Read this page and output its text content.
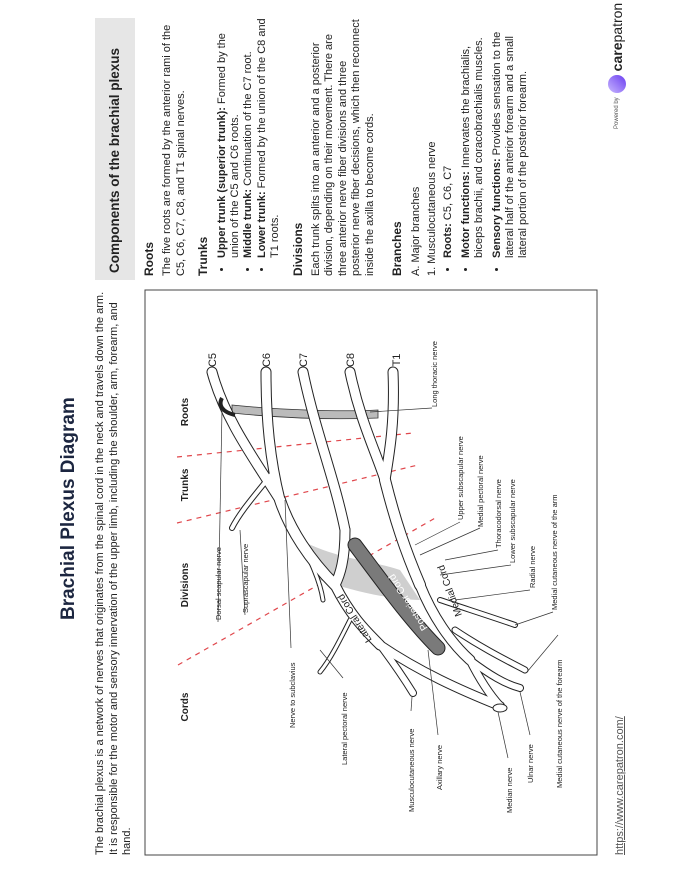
Brachial Plexus Diagram The brachial plexus is a network of nerves that originates from the spinal cord in the neck and travels down the arm. It is responsible for the motor and sensory innervation of the upper limb, including the shoulder, arm, forearm, and hand.	https://www.carepatron.com/
Components of the brachial plexus	Roots The five roots are formed by the anterior rami of the C5, C6, C7, C8, and T1 spinal nerves. Trunks • Upper trunk (superior trunk): Formed by the union of the C5 and C6 roots. • Middle trunk: Continuation of the C7 root.
• Lower trunk: Formed by the union of the C8 and T1 roots. Divisions Each trunk splits into an anterior and a posterior division, depending on their movement. There are three anterior nerve fiber divisions and three posterior nerve fiber decisions, which then reconnect inside the axilla to become cords. Branches A. Major branches 1. Musculocutaneous nerve • Roots: C5, C6, C7 • Motor functions: Innervates the brachialis, biceps brachii, and coracobrachialis muscles. • Sensory functions: Provides sensation to the lateral half of the anterior forearm and a small lateral portion of the posterior forearm.	Powered by
carepatron
Cords
Divisions
Trunks
Roots
C5	C6 C7	C8	T1	Long thoracic nerve
Upper subscapular nerve Medial pectoral nerve Thoracodorsal nerve Lower subscapular nerve
Radial nerve Medial cutaneous nerve of the arm
Dorsal scapular nerve Suprascapular nerve
Nerve to subclavius	Lateral pectoral nerve	Musculocutaneous nerve	Axillary nerve
Median nerve
Ulnar nerve	Medial cutaneous nerve of the forearm
Lateral Cord Posterior Cord Medial Cord
